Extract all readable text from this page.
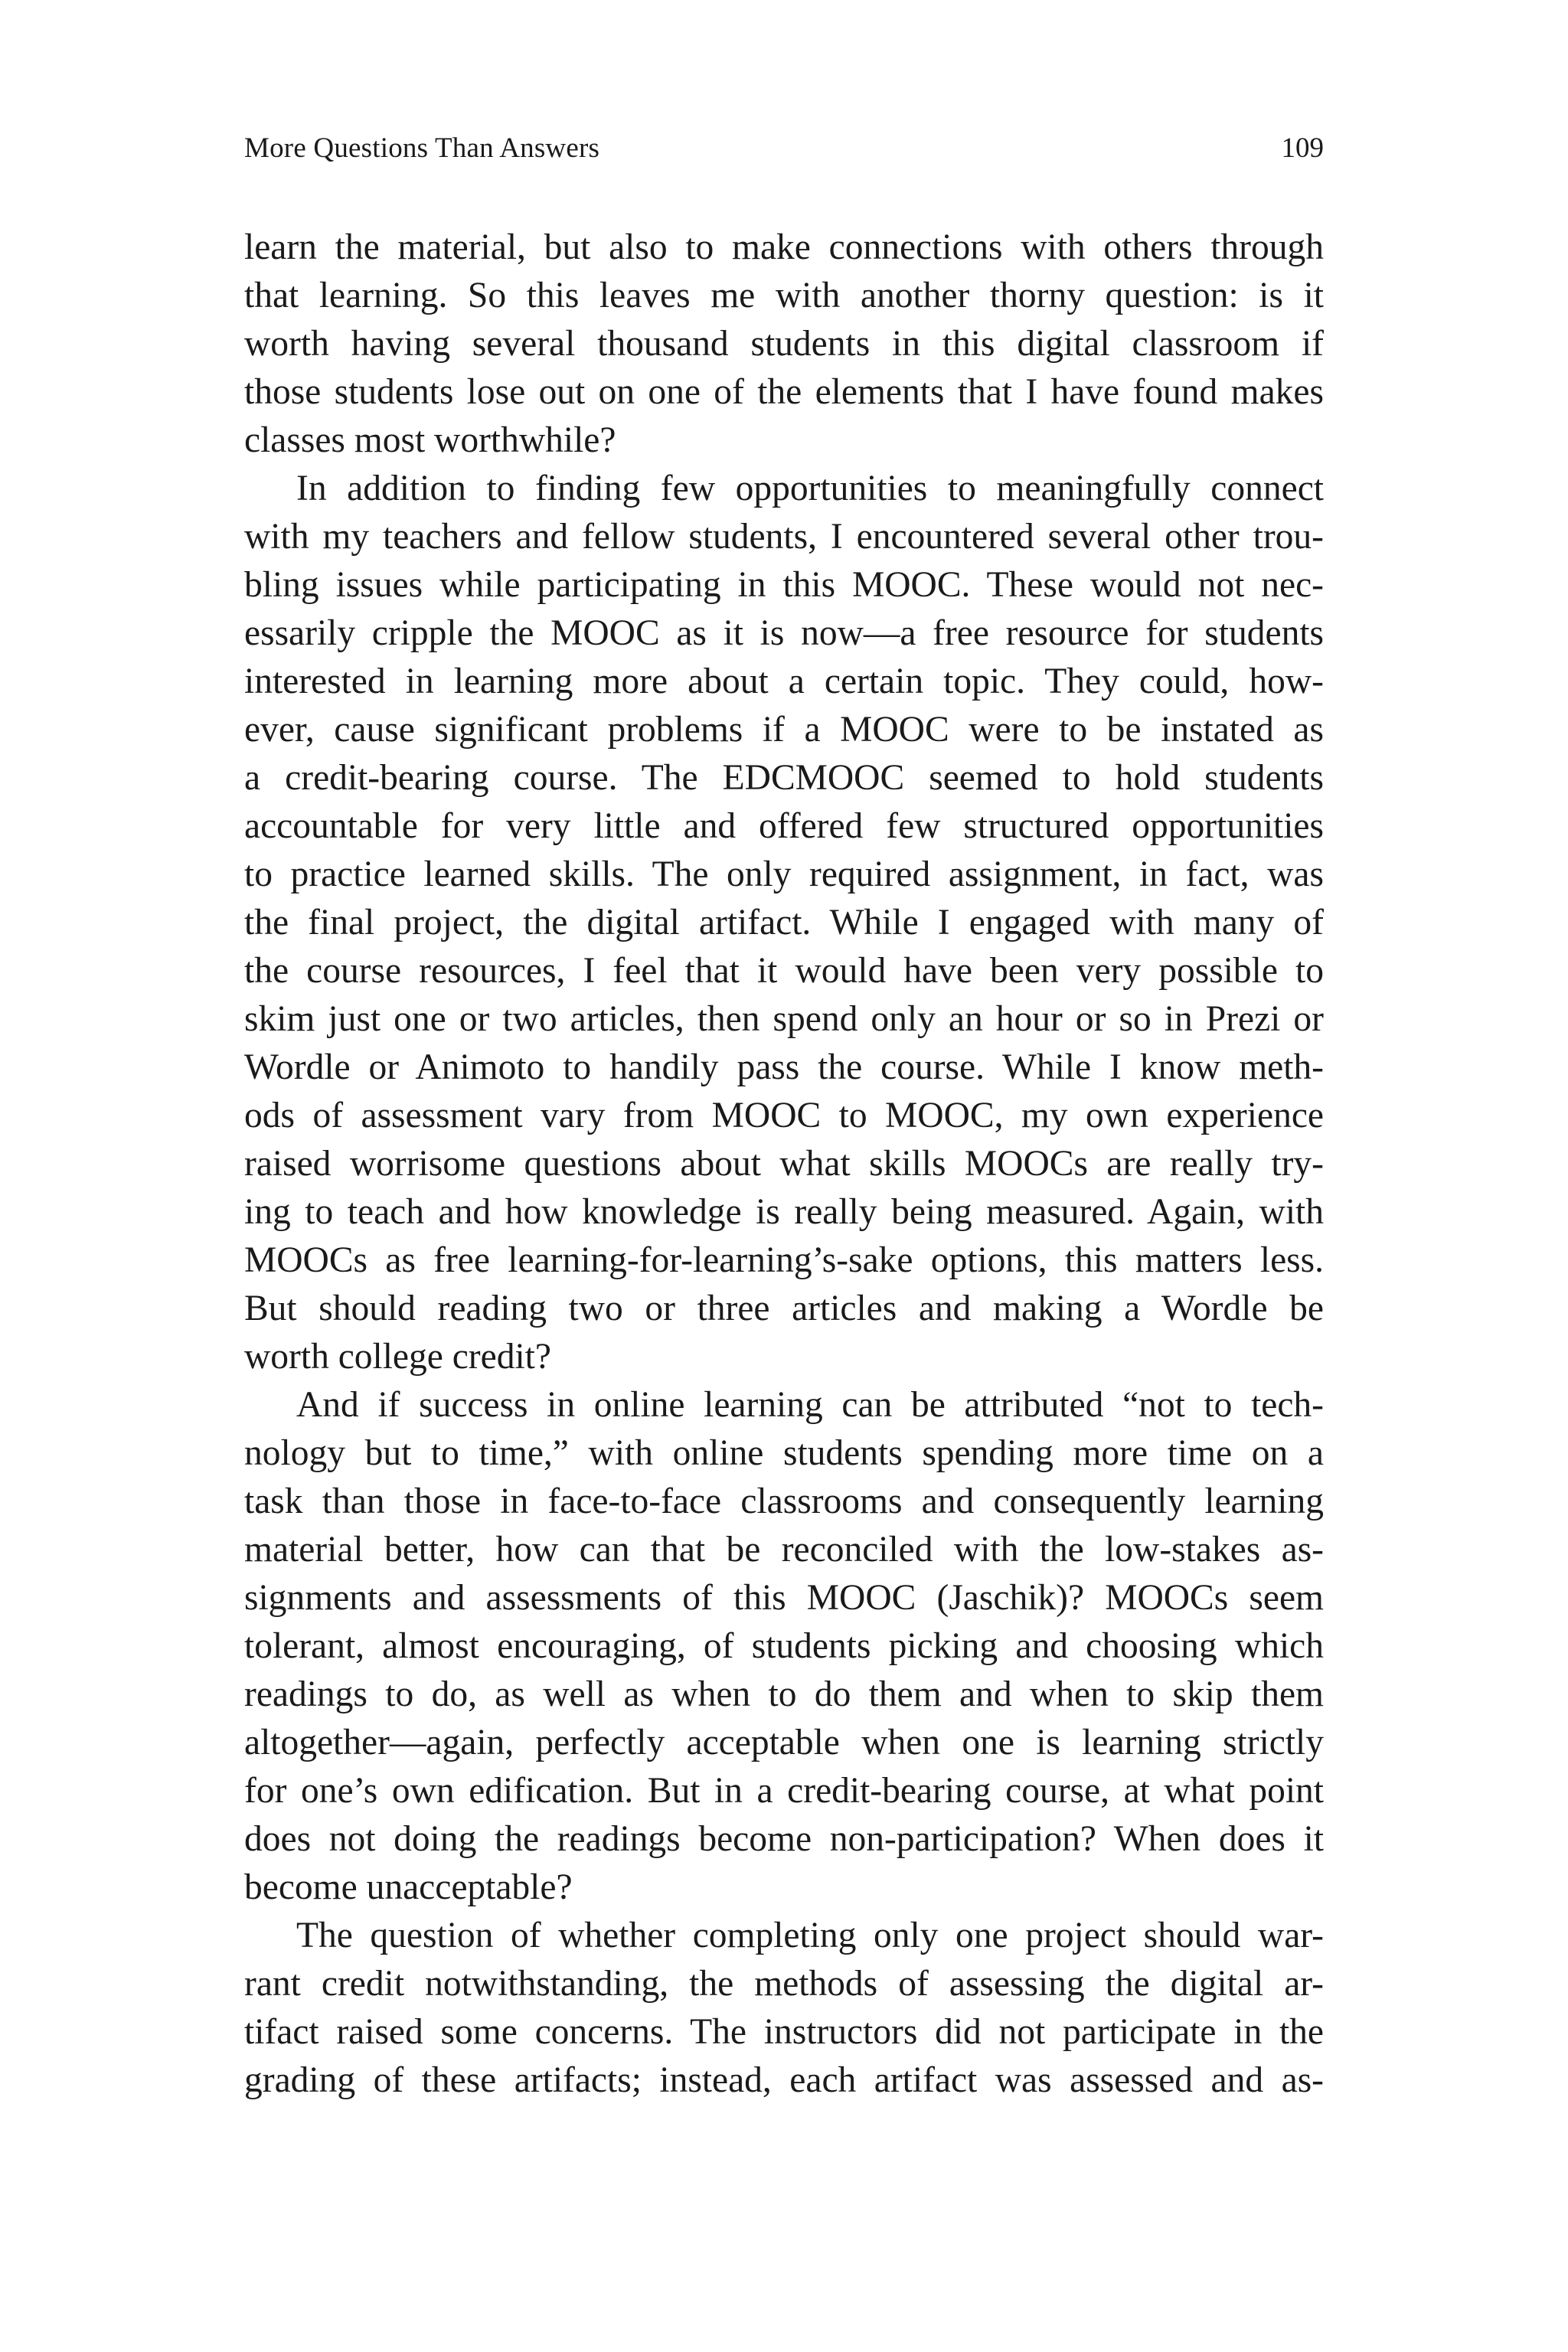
More Questions Than Answers	109
learn the material, but also to make connections with others through
that learning. So this leaves me with another thorny question: is it
worth having several thousand students in this digital classroom if
those students lose out on one of the elements that I have found makes
classes most worthwhile?
In addition to finding few opportunities to meaningfully connect
with my teachers and fellow students, I encountered several other trou-
bling issues while participating in this MOOC. These would not nec-
essarily cripple the MOOC as it is now—a free resource for students
interested in learning more about a certain topic. They could, how-
ever, cause significant problems if a MOOC were to be instated as
a credit-bearing course. The EDCMOOC seemed to hold students
accountable for very little and offered few structured opportunities
to practice learned skills. The only required assignment, in fact, was
the final project, the digital artifact. While I engaged with many of
the course resources, I feel that it would have been very possible to
skim just one or two articles, then spend only an hour or so in Prezi or
Wordle or Animoto to handily pass the course. While I know meth-
ods of assessment vary from MOOC to MOOC, my own experience
raised worrisome questions about what skills MOOCs are really try-
ing to teach and how knowledge is really being measured. Again, with
MOOCs as free learning-for-learning’s-sake options, this matters less.
But should reading two or three articles and making a Wordle be
worth college credit?
And if success in online learning can be attributed “not to tech-
nology but to time,” with online students spending more time on a
task than those in face-to-face classrooms and consequently learning
material better, how can that be reconciled with the low-stakes as-
signments and assessments of this MOOC (Jaschik)? MOOCs seem
tolerant, almost encouraging, of students picking and choosing which
readings to do, as well as when to do them and when to skip them
altogether—again, perfectly acceptable when one is learning strictly
for one’s own edification. But in a credit-bearing course, at what point
does not doing the readings become non-participation? When does it
become unacceptable?
The question of whether completing only one project should war-
rant credit notwithstanding, the methods of assessing the digital ar-
tifact raised some concerns. The instructors did not participate in the
grading of these artifacts; instead, each artifact was assessed and as-
